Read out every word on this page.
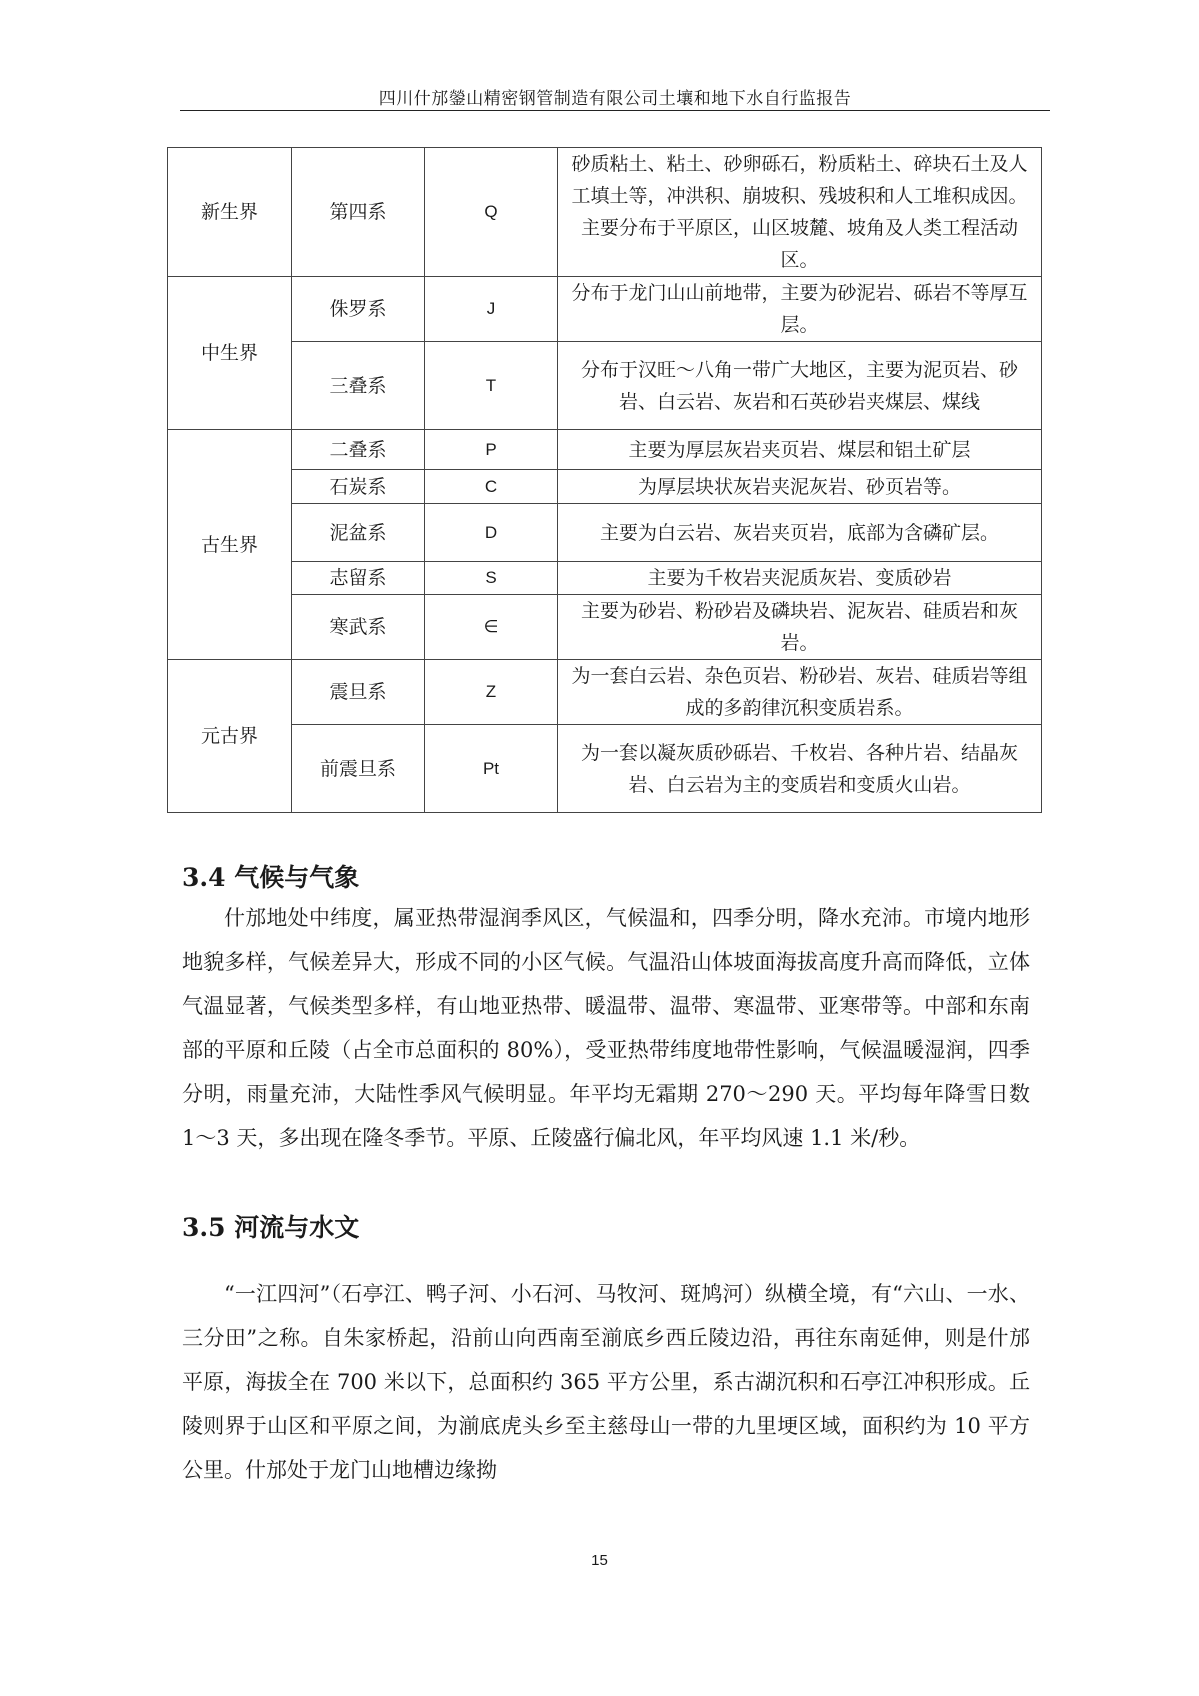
四川什邡鎣山精密钢管制造有限公司土壤和地下水自行监报告
新生界	第四系	Q	砂质粘土、粘土、砂卵砾石，粉质粘土、碎块石土及人工填土等，冲洪积、崩坡积、残坡积和人工堆积成因。主要分布于平原区，山区坡麓、坡角及人类工程活动区。
中生界	侏罗系	J	分布于龙门山山前地带，主要为砂泥岩、砾岩不等厚互层。
	三叠系	T	分布于汉旺～八角一带广大地区，主要为泥页岩、砂岩、白云岩、灰岩和石英砂岩夹煤层、煤线
古生界	二叠系	P	主要为厚层灰岩夹页岩、煤层和铝土矿层
	石炭系	C	为厚层块状灰岩夹泥灰岩、砂页岩等。
	泥盆系	D	主要为白云岩、灰岩夹页岩，底部为含磷矿层。
	志留系	S	主要为千枚岩夹泥质灰岩、变质砂岩
	寒武系	∈	主要为砂岩、粉砂岩及磷块岩、泥灰岩、硅质岩和灰岩。
元古界	震旦系	Z	为一套白云岩、杂色页岩、粉砂岩、灰岩、硅质岩等组成的多韵律沉积变质岩系。
	前震旦系	Pt	为一套以凝灰质砂砾岩、千枚岩、各种片岩、结晶灰岩、白云岩为主的变质岩和变质火山岩。
3.4 气候与气象

什邡地处中纬度，属亚热带湿润季风区，气候温和，四季分明，降水充沛。市境内地形地貌多样，气候差异大，形成不同的小区气候。气温沿山体坡面海拔高度升高而降低，立体气温显著，气候类型多样，有山地亚热带、暖温带、温带、寒温带、亚寒带等。中部和东南部的平原和丘陵（占全市总面积的 80%），受亚热带纬度地带性影响，气候温暖湿润，四季分明，雨量充沛，大陆性季风气候明显。年平均无霜期 270～290 天。平均每年降雪日数 1～3 天，多出现在隆冬季节。平原、丘陵盛行偏北风，年平均风速 1.1 米/秒。

3.5 河流与水文

“一江四河”（石亭江、鸭子河、小石河、马牧河、斑鸠河）纵横全境，有“六山、一水、三分田”之称。自朱家桥起，沿前山向西南至湔底乡西丘陵边沿，再往东南延伸，则是什邡平原，海拔全在 700 米以下，总面积约 365 平方公里，系古湖沉积和石亭江冲积形成。丘陵则界于山区和平原之间，为湔底虎头乡至主慈母山一带的九里埂区域，面积约为 10 平方公里。什邡处于龙门山地槽边缘拗

15
